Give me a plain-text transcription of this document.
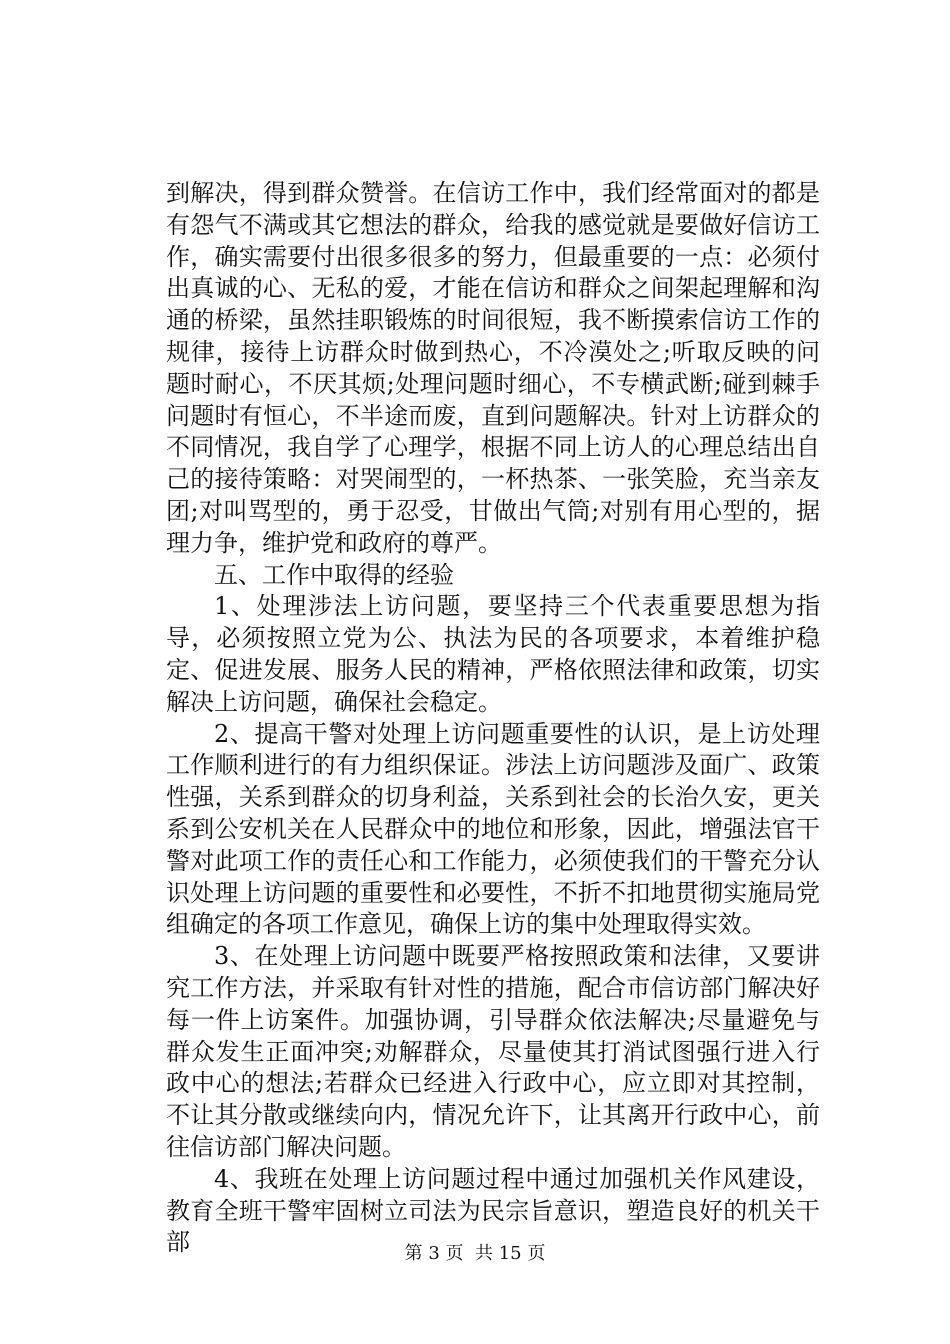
到解决，得到群众赞誉。在信访工作中，我们经常面对的都是有怨气不满或其它想法的群众，给我的感觉就是要做好信访工作，确实需要付出很多很多的努力，但最重要的一点：必须付出真诚的心、无私的爱，才能在信访和群众之间架起理解和沟通的桥梁，虽然挂职锻炼的时间很短，我不断摸索信访工作的规律，接待上访群众时做到热心，不冷漠处之;听取反映的问题时耐心，不厌其烦;处理问题时细心，不专横武断;碰到棘手问题时有恒心，不半途而废，直到问题解决。针对上访群众的不同情况，我自学了心理学，根据不同上访人的心理总结出自己的接待策略：对哭闹型的，一杯热茶、一张笑脸，充当亲友团;对叫骂型的，勇于忍受，甘做出气筒;对别有用心型的，据理力争，维护党和政府的尊严。

五、工作中取得的经验

1、处理涉法上访问题，要坚持三个代表重要思想为指导，必须按照立党为公、执法为民的各项要求，本着维护稳定、促进发展、服务人民的精神，严格依照法律和政策，切实解决上访问题，确保社会稳定。

2、提高干警对处理上访问题重要性的认识，是上访处理工作顺利进行的有力组织保证。涉法上访问题涉及面广、政策性强，关系到群众的切身利益，关系到社会的长治久安，更关系到公安机关在人民群众中的地位和形象，因此，增强法官干警对此项工作的责任心和工作能力，必须使我们的干警充分认识处理上访问题的重要性和必要性，不折不扣地贯彻实施局党组确定的各项工作意见，确保上访的集中处理取得实效。

3、在处理上访问题中既要严格按照政策和法律，又要讲究工作方法，并采取有针对性的措施，配合市信访部门解决好每一件上访案件。加强协调，引导群众依法解决;尽量避免与群众发生正面冲突;劝解群众，尽量使其打消试图强行进入行政中心的想法;若群众已经进入行政中心，应立即对其控制，不让其分散或继续向内，情况允许下，让其离开行政中心，前往信访部门解决问题。

4、我班在处理上访问题过程中通过加强机关作风建设，教育全班干警牢固树立司法为民宗旨意识，塑造良好的机关干部	第 3 页  共 15 页
